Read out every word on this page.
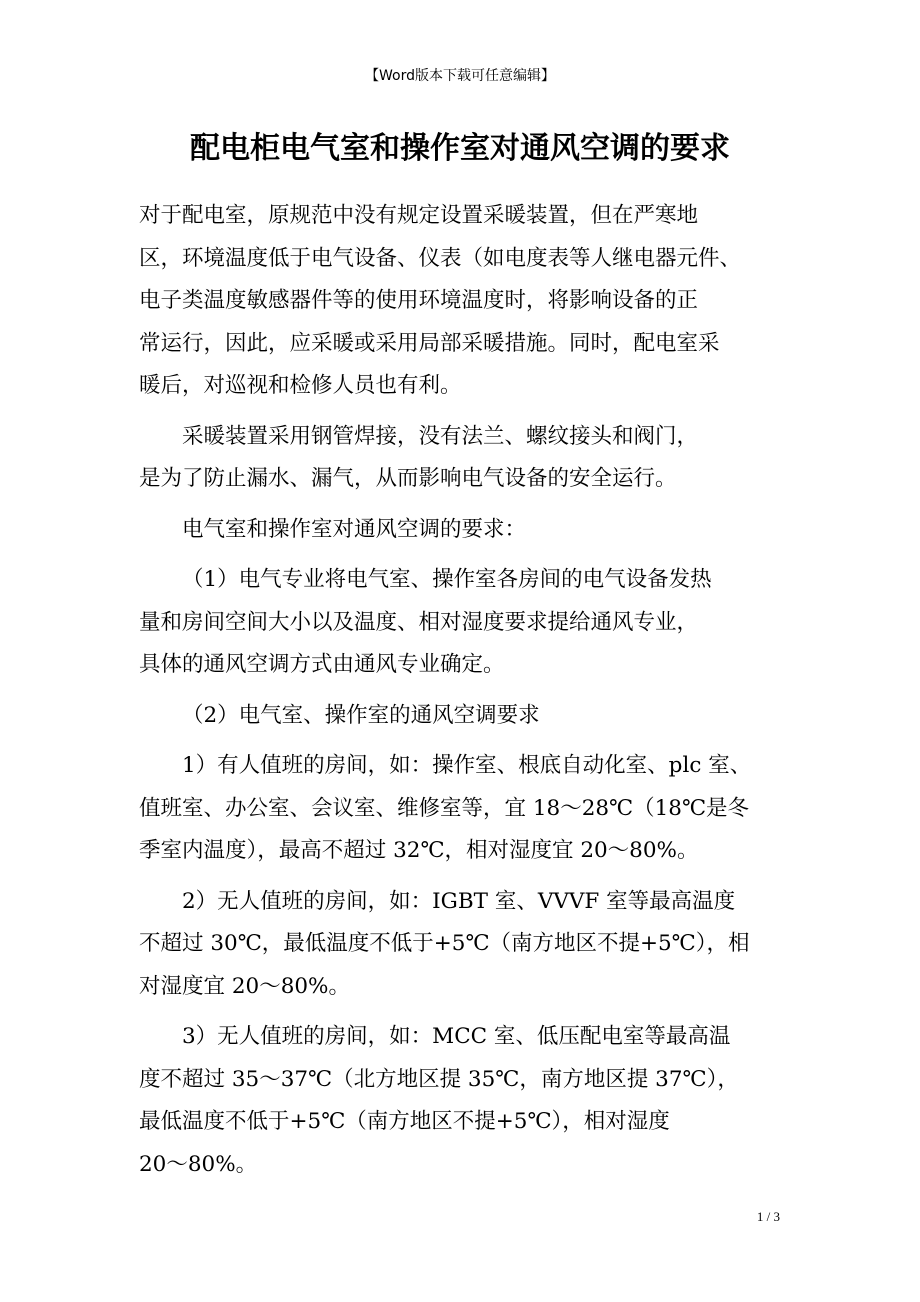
【Word版本下载可任意编辑】
配电柜电气室和操作室对通风空调的要求

对于配电室，原规范中没有规定设置采暖装置，但在严寒地
区，环境温度低于电气设备、仪表（如电度表等人继电器元件、
电子类温度敏感器件等的使用环境温度时，将影响设备的正
常运行，因此，应采暖或采用局部采暖措施。同时，配电室采
暖后，对巡视和检修人员也有利。

采暖装置采用钢管焊接，没有法兰、螺纹接头和阀门，
是为了防止漏水、漏气，从而影响电气设备的安全运行。

电气室和操作室对通风空调的要求：

（1）电气专业将电气室、操作室各房间的电气设备发热
量和房间空间大小以及温度、相对湿度要求提给通风专业，
具体的通风空调方式由通风专业确定。

（2）电气室、操作室的通风空调要求

1）有人值班的房间，如：操作室、根底自动化室、plc 室、
值班室、办公室、会议室、维修室等，宜 18～28℃（18℃是冬
季室内温度），最高不超过 32℃，相对湿度宜 20～80%。

2）无人值班的房间，如：IGBT 室、VVVF 室等最高温度
不超过 30℃，最低温度不低于+5℃（南方地区不提+5℃），相
对湿度宜 20～80%。

3）无人值班的房间，如：MCC 室、低压配电室等最高温
度不超过 35～37℃（北方地区提 35℃，南方地区提 37℃），
最低温度不低于+5℃（南方地区不提+5℃），相对湿度
20～80%。

1 / 3
